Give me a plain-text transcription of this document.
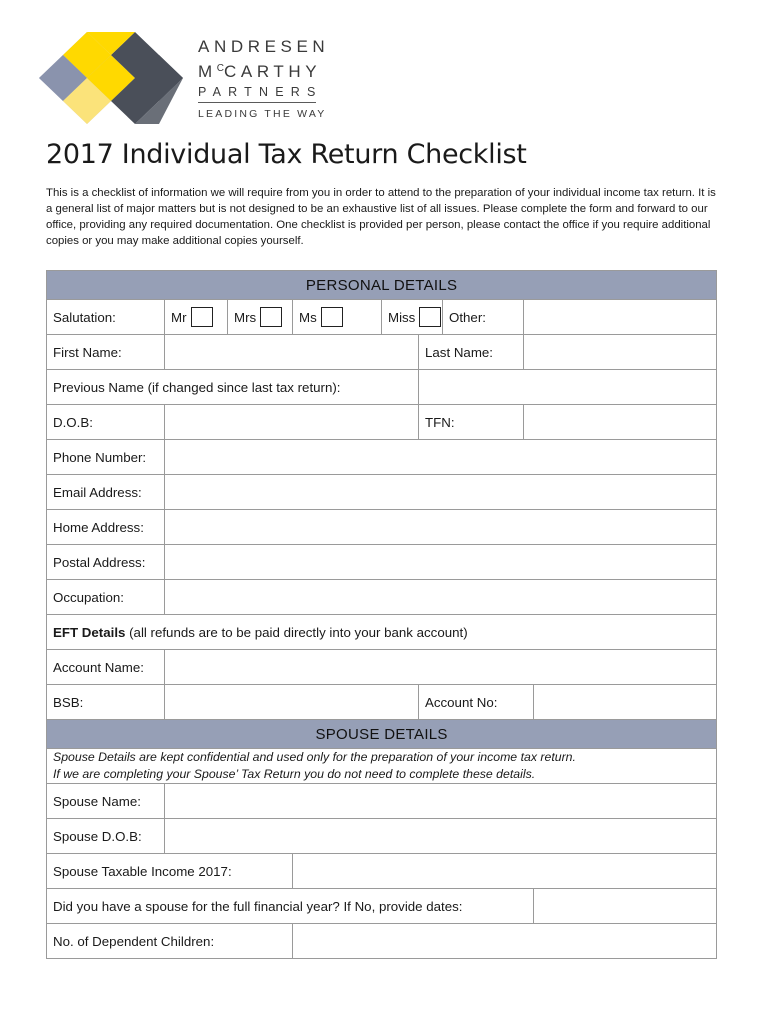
ANDRESEN
$M^CCARTHY$
PARTNERS
LEADING THE WAY
2017 Individual Tax Return Checklist

This is a checklist of information we will require from you in order to attend to the preparation of your individual income tax return. It is a general list of major matters but is not designed to be an exhaustive list of all issues. Please complete the form and forward to our office, providing any required documentation. One checklist is provided per person, please contact the office if you require additional copies or you may make additional copies yourself.

PERSONAL DETAILS								
Salutation:	Mr	Mrs	Ms	Miss		Other:		
First Name:					Last Name:			
Previous Name (if changed since last tax return):								
D.O.B:					TFN:			
Phone Number:								
Email Address:								
Home Address:								
Postal Address:								
Occupation:								
EFT Details (all refunds are to be paid directly into your bank account)								
Account Name:								
BSB:					Account No:			
SPOUSE DETAILS								

Spouse Details are kept confidential and used only for the preparation of your income tax return.
If we are completing your Spouse’ Tax Return you do not need to complete these details.								

Spouse Name:								
Spouse D.O.B:								
Spouse Taxable Income 2017:								
Did you have a spouse for the full financial year? If No, provide dates:								
No. of Dependent Children:								
